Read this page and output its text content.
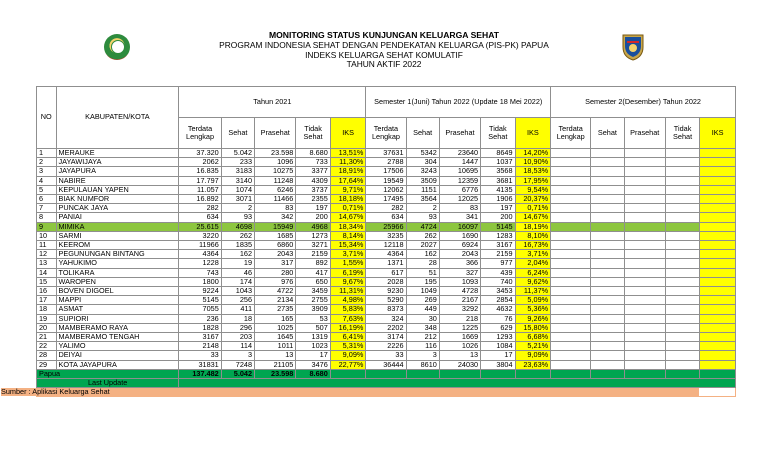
MONITORING STATUS KUNJUNGAN KELUARGA SEHAT
PROGRAM INDONESIA SEHAT DENGAN PENDEKATAN KELUARGA (PIS-PK) PAPUA
INDEKS KELUARGA SEHAT KOMULATIF
TAHUN AKTIF 2022
NO	KABUPATEN/KOTA	Tahun 2021	Semester 1(Juni) Tahun 2022 (Update 18 Mei 2022)	Semester 2(Desember) Tahun 2022
Terdata Lengkap	Sehat	Prasehat	Tidak Sehat	IKS	Terdata Lengkap	Sehat	Prasehat	Tidak Sehat	IKS	Terdata Lengkap	Sehat	Prasehat	Tidak Sehat	IKS
1	MERAUKE	37.320	5.042	23.598	8.680	13,51%	37631	5342	23640	8649	14,20%					
2	JAYAWIJAYA	2062	233	1096	733	11,30%	2788	304	1447	1037	10,90%					
3	JAYAPURA	16.835	3183	10275	3377	18,91%	17506	3243	10695	3568	18,53%					
4	NABIRE	17.797	3140	11248	4309	17,64%	19549	3509	12359	3681	17,95%					
5	KEPULAUAN YAPEN	11.057	1074	6246	3737	9,71%	12062	1151	6776	4135	9,54%					
6	BIAK NUMFOR	16.892	3071	11466	2355	18,18%	17495	3564	12025	1906	20,37%					
7	PUNCAK JAYA	282	2	83	197	0,71%	282	2	83	197	0,71%					
8	PANIAI	634	93	342	200	14,67%	634	93	341	200	14,67%					
9	MIMIKA	25.615	4698	15949	4968	18,34%	25966	4724	16097	5145	18,19%					
10	SARMI	3220	262	1685	1273	8,14%	3235	262	1690	1283	8,10%					
11	KEEROM	11966	1835	6860	3271	15,34%	12118	2027	6924	3167	16,73%					
12	PEGUNUNGAN BINTANG	4364	162	2043	2159	3,71%	4364	162	2043	2159	3,71%					
13	YAHUKIMO	1228	19	317	892	1,55%	1371	28	366	977	2,04%					
14	TOLIKARA	743	46	280	417	6,19%	617	51	327	439	6,24%					
15	WAROPEN	1800	174	976	650	9,67%	2028	195	1093	740	9,62%					
16	BOVEN DIGOEL	9224	1043	4722	3459	11,31%	9230	1049	4728	3453	11,37%					
17	MAPPI	5145	256	2134	2755	4,98%	5290	269	2167	2854	5,09%					
18	ASMAT	7055	411	2735	3909	5,83%	8373	449	3292	4632	5,36%					
19	SUPIORI	236	18	165	53	7,63%	324	30	218	76	9,26%					
20	MAMBERAMO RAYA	1828	296	1025	507	16,19%	2202	348	1225	629	15,80%					
21	MAMBERAMO TENGAH	3167	203	1645	1319	6,41%	3174	212	1669	1293	6,68%					
22	YALIMO	2148	114	1011	1023	5,31%	2226	116	1026	1084	5,21%					
28	DEIYAI	33	3	13	17	9,09%	33	3	13	17	9,09%					
29	KOTA JAYAPURA	31831	7248	21105	3476	22,77%	36444	8610	24030	3804	23,63%					
Papua	137.482	5.042	23.598	8.680											
Last Update	
Sumber : Aplikasi Keluarga Sehat
